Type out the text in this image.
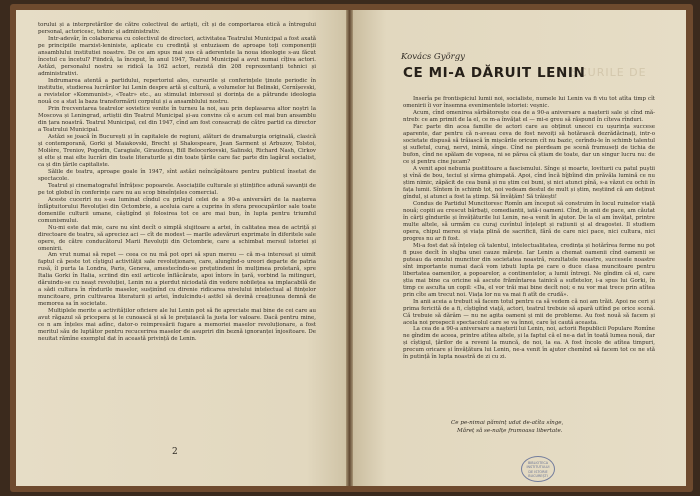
torului și a interpretărilor de către colectivul de artiști, cît și de comportarea etică a întregului personal, actoricesc, tehnic și administrativ.

Intr-adevăr, în colaborarea cu colectivul de directori, activitatea Teatrului Municipal a fost axată pe principiile marxist-leniniste, aplicate cu credință și entuziasm de aproape toți componenții ansamblului institutiei noastre. De ce am spus mai sus că aderentele la noua ideologie s-au făcut încetul cu încetul? Fiindcă, la început, în anul 1947, Teatrul Municipal a avut numai cîțiva actori. Astăzi, personalul nostru se ridică la 162 actori, rezistă din 208 reprezentanți tehnici și administrativi.

Indrumarea atentă a partidului, repertoriul ales, cursurile și conferințele ținute periodic în institutie, studierea lucrărilor lui Lenin despre artă și cultură, a volumelor lui Belinski, Cernîșevski, a revistelor «Kommunist», «Teatr» etc., au stimulat interesul și dorința de a pătrunde ideologia nouă ce a stat la baza transformării corpului și a ansamblului nostru.

Prin frecventarea teatrelor sovietice venite în turneu la noi, sau prin deplasarea altor noștri la Moscova și Leningrad, artiștii din Teatrul Municipal și-au convins că e acum cel mai bun ansamblu din țara noastră. Teatrul Municipal, cel din 1947, cînd am fost consacrați de către partid ca director a Teatrului Municipal.

Astăzi se joacă în București și în capitalele de regiuni, alături de dramaturgia originală, clasică și contemporană, Gorki și Maiakovski, Brecht și Shakespeare, Jean Sarment și Arbuzov, Tolstoi, Molière, Treniov, Pogodin, Caragiale, Giraudoux, Bill Belocerkovski, Salinski, Richard Nash, Cirkov și elte și mai elte lucrări din toate literaturile și din toate țările care fac parte din lagărul socialist, ca și din țările capitaliste.

Sălile de teatru, aproape goale în 1947, sînt astăzi neîncăpătoare pentru publicul însetat de spectacole.

Teatrul și cinematograful înfrățesc popoarele. Asociațiile culturale și științifice adună savanții de pe tot globul în conferințe care nu au scop bineînțeles comercial.

Aceste cuceriri nu s-au luminat cîndul cu prilejul celei de a 90-a aniversări de la nașterea înfăptuitorului Revoluției din Octombrie, a aceluia care a cuprins în sfera preocupărilor sale toate domeniile culturii umane, câștigînd și folosirea tot ce are mai bun, în lupta pentru triumful comunismului.

Nu-mi este dat mie, care nu sînt decît o simplă slujitoare a artei, în calitatea mea de actriță și directoare de teatru, să apreciez aci — cît de modest — marile adevăruri exprimate în diferitele sale opere, de către conducătorul Marii Revoluții din Octombrie, care a schimbat mersul istoriei și omenirii.

Am vrut numai să repet — ceea ce nu mă pot opri să spun mereu — că m-a interesat și uimit faptul că peste tot cîștigul activității sale revoluționare, care, alungînd-o ureori departe de patria rusă, îl purta la Londra, Paris, Geneva, amestecîndu-se prețutindeni în mulțimea proletară, spre Italia Gorki în Italia, scriind din exil articole înflăcărate, apoi întors în țară, vorbind la mitinguri, dăruindu-se cu neașt revoluției, Lenin nu a pierdut niciodată din vedere nobilețea sa implacabilă de a sădi cultura în rîndurile maselor, susținînd cu direnie ridicarea nivelului intelectual al ființelor muncitoare, prin cultivarea literaturii și artei, îndulcindu-i astfel să devină creațiunea demnă de memorea sa în societate.

Multiplele merite a activităților oficiere ale lui Lenin pot să fie apreciate mai bine de cei care au avut răgazul să pricepera și le cunoască și să le prețuiască la justa lor valoare. Dacă pentru mine, ce n am înțeles mai adînc, dator-o reimpresării fugare a memoriei maselor revoluționare, a fost meritul său de luptător pentru recucerirea maselor de asupriri din beznă ignoranței înjositoare. De neuitat rămîne exemplul dat în această privință de Lenin.

2
ŞCURILE DE
Kovács György
CE MI-A DĂRUIT LENIN

Inserîa pe frontispiciul lumii noi, socialiste, numele lui Lenin va fi viu tot atîta timp cît omenirii îi vor însemna evenimentele istoriei: veșnic.

Acum, cînd omenirea sărbătorește cea de a 90-a aniversare a nașterii sale și cînd mă-ntreb: ce am primit de la el, ce m-a învățat el — mi-e greu să răspund în cîteva rînduri.

Fac parte din acea familie de actori care au obținut unecei cu ușurința succese aparente, dar pentru că n-aveau ceva de fost nevoiți să hotărască dezrădăcinați, intr-o societate dispusă să trăiască în mișcările oricum cît nu bazic, cerîndu-le în schimb talentul și sufletul, curaj, nervi, inimă, sînge. Cînd ne pierdeam pe scenă frumuseți de tichia de bufon, cînd ne spălam de vopsea, ni se părea că știam de toate, dar un singur lucru nu: de ce și pentru cine jucam?

A venit apoi nebunia pustiitoare a fascismului. Sînge și moarte, loviturii cu patul puștii și vînă de bou, teciul și sîrma ghimpată. Apoi, cînd încă bîjbîind din prăvăla lumină ce nu știm nimic, zăpăcit de cea bună și nu știm cei buni, și nici atunci pînă, s-a văzut cu ochii în fața lumii. Sîntem în schimb tot, noi vedeam destul de mult și știm, neștiind că am deținut gîndul, și atunci a fost la știmp. Să învățăm! Să trăiești!

Condus de Partidul Muncitoresc Romîn am început să construim în locul ruinelor viață nouă; copiii au crescut bărbați, comediantii, iată-i oameni. Cînd, în anii de pace, am căutat în cărți gîndurile și învățăturile lui Lenin, ne-a venit în ajutor. De la el am învățat, printre multe altele, să urmăm cu curaj cuvîntul înțelept și rațiunii și al dragostei. Il studiem opera, chipul mereu și viața plină de sacrificii, fără de care nici pace, nici cultura, nici progres nu ar fi fost.

Mi-a fost dat să înțeleg că talentul, intelectualitatea, credința și hotărîrea ferme nu pot fi puse decît în slujba unei cauze mărețe. Iar Lenin a chemat oamenii cînd oamenii se puteau da omului muncitor din societatea noastră, rezultatele noastre, succesele noastre sînt importante numai dacă vom izbuti lupta pe care o duce clasa muncitoare pentru libertatea oamenilor, a popoarelor, a continentelor, a lumii întregi. Ne gîndim că el, care știa mai bine ca oricine să ascute frămîntarea tainică a sufletelor, i-a spus lui Gorki, în timp ce asculta un copil: «Da, el vor trăi mai bine decît noi; e nu vor mai trece prin atîtea prin cîte am trecut noi. Viața lor nu va mai fi atît de crudă».

In anii aceia a trebuit să facem totul pentru ca să vedem că noi am trăit. Apoi ne ceri și prima fericită de a fi, cîștigînd viață, actori, teatrul trebuie să apară uitînd pe orice scenă. Că trebuie să dărâm — nu ne agita oameni și mii de probleme. Au fost nouă să facem și acela noi prospecii spectacolul care se va înnoi, care își caută aceasta.

La cea de a 90-a aniversare a nașterii lui Lenin, noi, actorii Republicii Populare Romîne ne gîndim de aceea, printre atîtea altele, și la faptul că el ne-a dat în toată lumea nouă, dar și cîștigul, țărilor de a reveni la muncă, de noi, la ea. A fost încolo de atîtea timpuri, precum oricare și învățătura lui Lenin, ne-a venit în ajutor chemînd să facem tot ce ne stă în putință în lupta noastră de zi cu zi.

Ce pe-nimai păminț udat de-atîta sînge,
Măreț să se-nalțe frumoasa libertate.
BIBLIOTECA
INSTITUTULUI
DE ISTORIE
BUCUREȘTI
